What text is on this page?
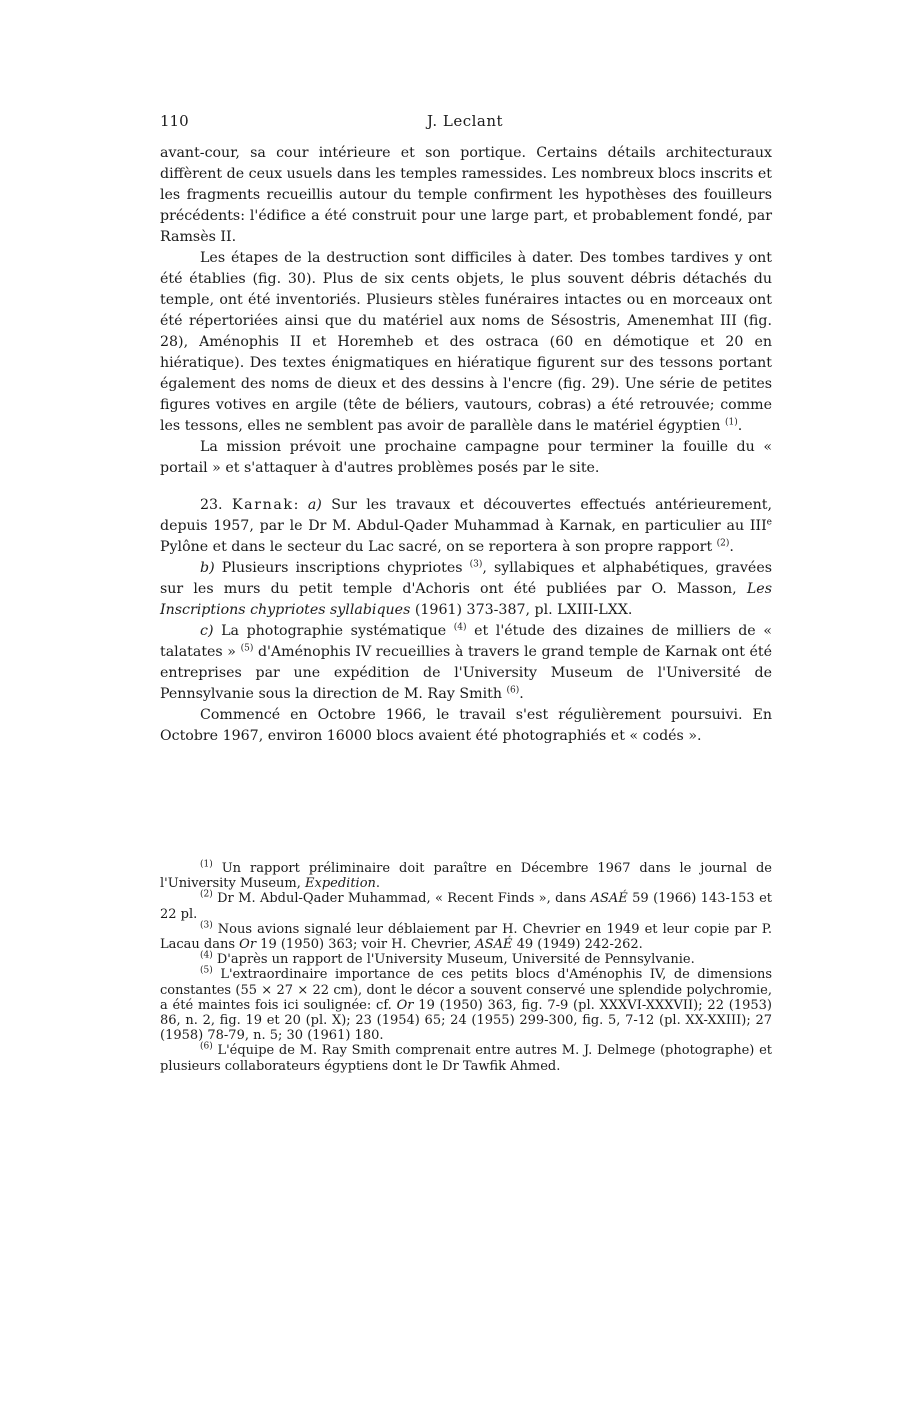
110	J. Leclant

avant-cour, sa cour intérieure et son portique. Certains détails architecturaux diffèrent de ceux usuels dans les temples ramessides. Les nombreux blocs inscrits et les fragments recueillis autour du temple confirment les hypothèses des fouilleurs précédents: l'édifice a été construit pour une large part, et probablement fondé, par Ramsès II.

Les étapes de la destruction sont difficiles à dater. Des tombes tardives y ont été établies (fig. 30). Plus de six cents objets, le plus souvent débris détachés du temple, ont été inventoriés. Plusieurs stèles funéraires intactes ou en morceaux ont été répertoriées ainsi que du matériel aux noms de Sésostris, Amenemhat III (fig. 28), Aménophis II et Horemheb et des ostraca (60 en démotique et 20 en hiératique). Des textes énigmatiques en hiératique figurent sur des tessons portant également des noms de dieux et des dessins à l'encre (fig. 29). Une série de petites figures votives en argile (tête de béliers, vautours, cobras) a été retrouvée; comme les tessons, elles ne semblent pas avoir de parallèle dans le matériel égyptien $^{(1)}$.

La mission prévoit une prochaine campagne pour terminer la fouille du « portail » et s'attaquer à d'autres problèmes posés par le site.

23. Karnak: a) Sur les travaux et découvertes effectués antérieurement, depuis 1957, par le Dr M. Abdul-Qader Muhammad à Karnak, en particulier au IIIe Pylône et dans le secteur du Lac sacré, on se reportera à son propre rapport $^{(2)}$.

b) Plusieurs inscriptions chypriotes $^{(3)}$, syllabiques et alphabétiques, gravées sur les murs du petit temple d'Achoris ont été publiées par O. Masson, Les Inscriptions chypriotes syllabiques (1961) 373-387, pl. LXIII-LXX.

c) La photographie systématique $^{(4)}$ et l'étude des dizaines de milliers de « talatates » $^{(5)}$ d'Aménophis IV recueillies à travers le grand temple de Karnak ont été entreprises par une expédition de l'University Museum de l'Université de Pennsylvanie sous la direction de M. Ray Smith $^{(6)}$.

Commencé en Octobre 1966, le travail s'est régulièrement poursuivi. En Octobre 1967, environ 16000 blocs avaient été photographiés et « codés ».

$^{(1)}$ Un rapport préliminaire doit paraître en Décembre 1967 dans le journal de l'University Museum, Expedition.

$^{(2)}$ Dr M. Abdul-Qader Muhammad, « Recent Finds », dans ASAÉ 59 (1966) 143-153 et 22 pl.

$^{(3)}$ Nous avions signalé leur déblaiement par H. Chevrier en 1949 et leur copie par P. Lacau dans Or 19 (1950) 363; voir H. Chevrier, ASAÉ 49 (1949) 242-262.

$^{(4)}$ D'après un rapport de l'University Museum, Université de Pennsylvanie.

$^{(5)}$ L'extraordinaire importance de ces petits blocs d'Aménophis IV, de dimensions constantes (55 × 27 × 22 cm), dont le décor a souvent conservé une splendide polychromie, a été maintes fois ici soulignée: cf. Or 19 (1950) 363, fig. 7-9 (pl. XXXVI-XXXVII); 22 (1953) 86, n. 2, fig. 19 et 20 (pl. X); 23 (1954) 65; 24 (1955) 299-300, fig. 5, 7-12 (pl. XX-XXIII); 27 (1958) 78-79, n. 5; 30 (1961) 180.

$^{(6)}$ L'équipe de M. Ray Smith comprenait entre autres M. J. Delmege (photographe) et plusieurs collaborateurs égyptiens dont le Dr Tawfik Ahmed.
